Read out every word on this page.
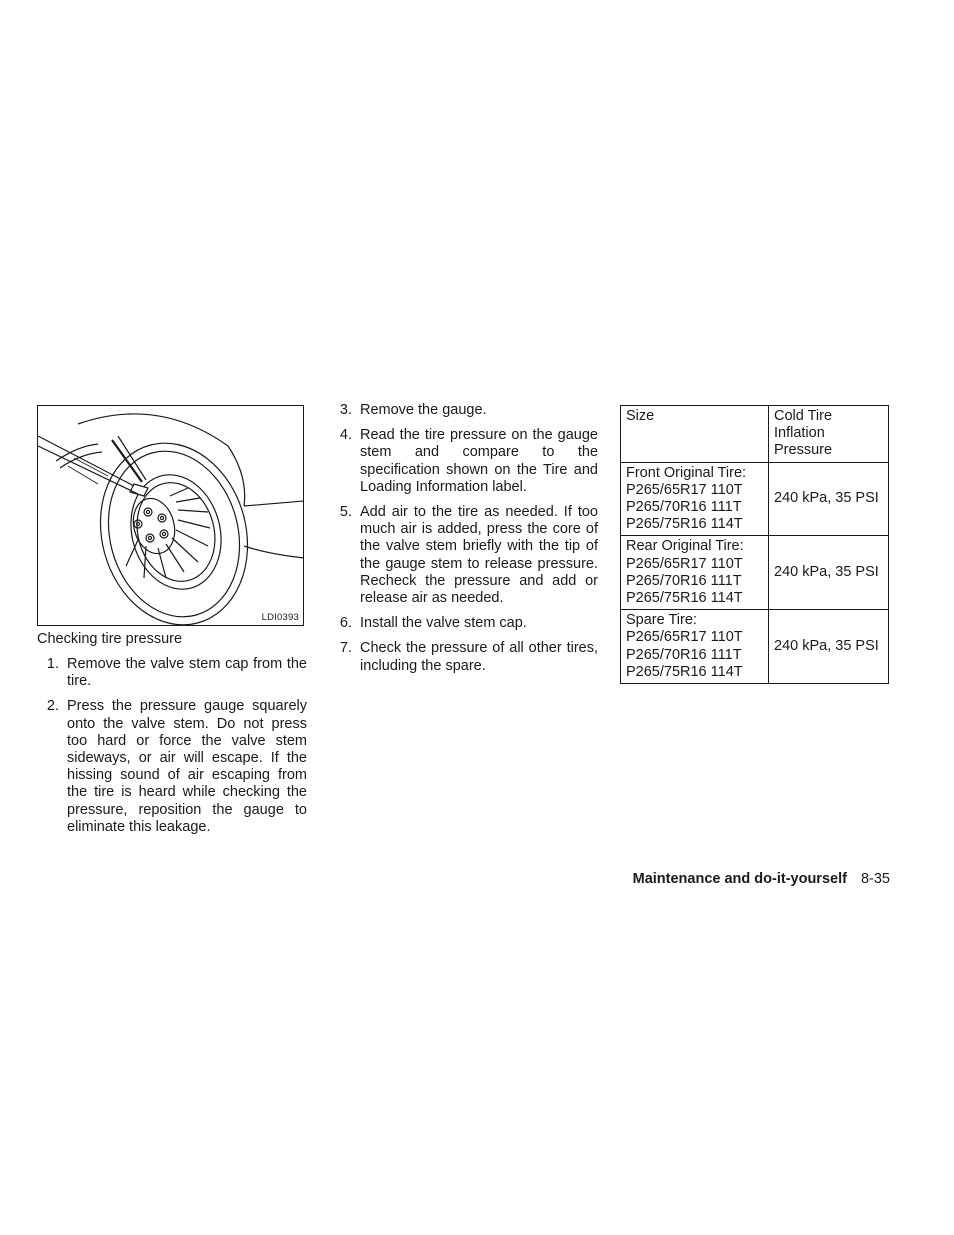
LDI0393
Checking tire pressure
1. Remove the valve stem cap from the tire.
2. Press the pressure gauge squarely onto the valve stem. Do not press too hard or force the valve stem sideways, or air will escape. If the hissing sound of air escaping from the tire is heard while checking the pressure, reposition the gauge to eliminate this leakage.
3. Remove the gauge.
4. Read the tire pressure on the gauge stem and compare to the specification shown on the Tire and Loading Information label.
5. Add air to the tire as needed. If too much air is added, press the core of the valve stem briefly with the tip of the gauge stem to release pressure. Recheck the pressure and add or release air as needed.
6. Install the valve stem cap.
7. Check the pressure of all other tires, including the spare.
Size	Cold Tire Inflation Pressure

Front Original Tire:
P265/65R17 110T
P265/70R16 111T
P265/75R16 114T	240 kPa, 35 PSI

Rear Original Tire:
P265/65R17 110T
P265/70R16 111T
P265/75R16 114T	240 kPa, 35 PSI

Spare Tire:
P265/65R17 110T
P265/70R16 111T
P265/75R16 114T	240 kPa, 35 PSI
Maintenance and do-it-yourself 8-35
